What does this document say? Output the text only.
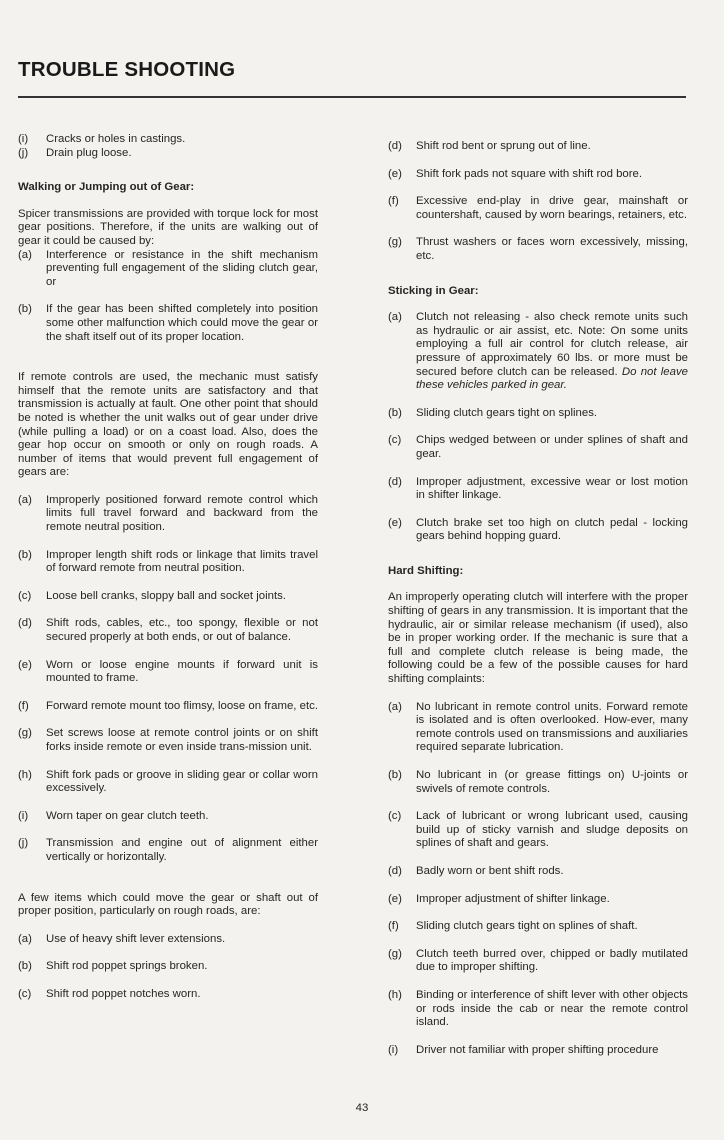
TROUBLE SHOOTING
(i)	Cracks or holes in castings.
(j)	Drain plug loose.
Walking or Jumping out of Gear:
Spicer transmissions are provided with torque lock for most gear positions. Therefore, if the units are walking out of gear it could be caused by:
(a)	Interference or resistance in the shift mechanism preventing full engagement of the sliding clutch gear, or
(b)	If the gear has been shifted completely into position some other malfunction which could move the gear or the shaft itself out of its proper location.
If remote controls are used, the mechanic must satisfy himself that the remote units are satisfactory and that transmission is actually at fault. One other point that should be noted is whether the unit walks out of gear under drive (while pulling a load) or on a coast load. Also, does the gear hop occur on smooth or only on rough roads. A number of items that would prevent full engagement of gears are:
(a)	Improperly positioned forward remote control which limits full travel forward and backward from the remote neutral position.
(b)	Improper length shift rods or linkage that limits travel of forward remote from neutral position.
(c)	Loose bell cranks, sloppy ball and socket joints.
(d)	Shift rods, cables, etc., too spongy, flexible or not secured properly at both ends, or out of balance.
(e)	Worn or loose engine mounts if forward unit is mounted to frame.
(f)	Forward remote mount too flimsy, loose on frame, etc.
(g)	Set screws loose at remote control joints or on shift forks inside remote or even inside trans-mission unit.
(h)	Shift fork pads or groove in sliding gear or collar worn excessively.
(i)	Worn taper on gear clutch teeth.
(j)	Transmission and engine out of alignment either vertically or horizontally.
A few items which could move the gear or shaft out of proper position, particularly on rough roads, are:
(a)	Use of heavy shift lever extensions.
(b)	Shift rod poppet springs broken.
(c)	Shift rod poppet notches worn.
(d)	Shift rod bent or sprung out of line.
(e)	Shift fork pads not square with shift rod bore.
(f)	Excessive end-play in drive gear, mainshaft or countershaft, caused by worn bearings, retainers, etc.
(g)	Thrust washers or faces worn excessively, missing, etc.
Sticking in Gear:
(a)	Clutch not releasing - also check remote units such as hydraulic or air assist, etc. Note: On some units employing a full air control for clutch release, air pressure of approximately 60 lbs. or more must be secured before clutch can be released. Do not leave these vehicles parked in gear.
(b)	Sliding clutch gears tight on splines.
(c)	Chips wedged between or under splines of shaft and gear.
(d)	Improper adjustment, excessive wear or lost motion in shifter linkage.
(e)	Clutch brake set too high on clutch pedal - locking gears behind hopping guard.
Hard Shifting:
An improperly operating clutch will interfere with the proper shifting of gears in any transmission. It is important that the hydraulic, air or similar release mechanism (if used), also be in proper working order. If the mechanic is sure that a full and complete clutch release is being made, the following could be a few of the possible causes for hard shifting complaints:
(a)	No lubricant in remote control units. Forward remote is isolated and is often overlooked. How-ever, many remote controls used on transmissions and auxiliaries required separate lubrication.
(b)	No lubricant in (or grease fittings on) U-joints or swivels of remote controls.
(c)	Lack of lubricant or wrong lubricant used, causing build up of sticky varnish and sludge deposits on splines of shaft and gears.
(d)	Badly worn or bent shift rods.
(e)	Improper adjustment of shifter linkage.
(f)	Sliding clutch gears tight on splines of shaft.
(g)	Clutch teeth burred over, chipped or badly mutilated due to improper shifting.
(h)	Binding or interference of shift lever with other objects or rods inside the cab or near the remote control island.
(i)	Driver not familiar with proper shifting procedure
43
